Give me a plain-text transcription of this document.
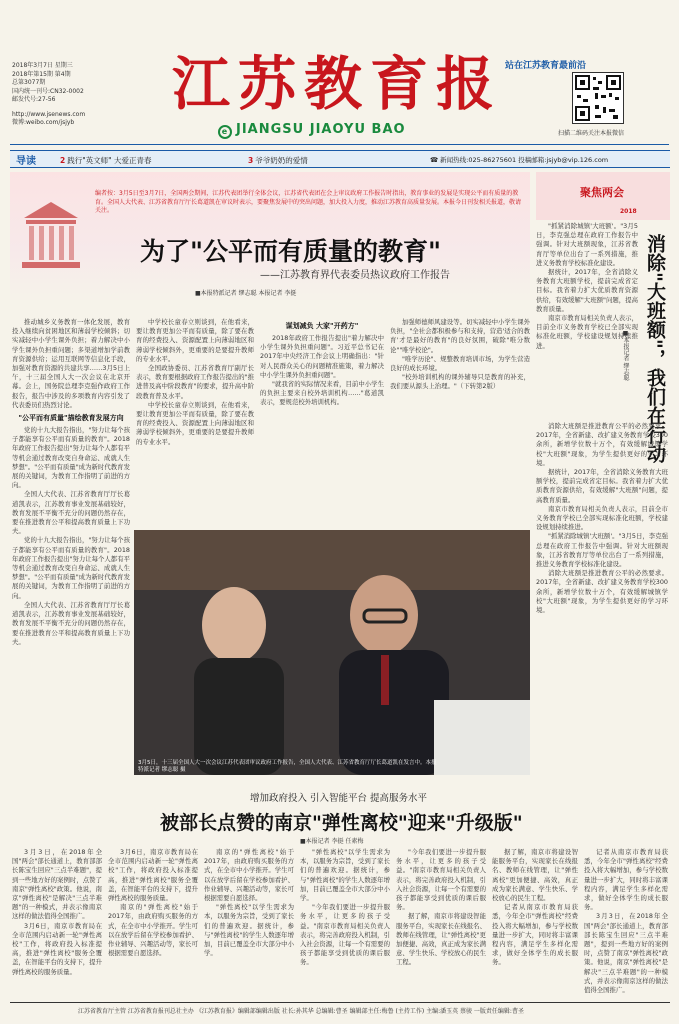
2018年3月7日 星期三
2018年第15期 第4期
总第3077期
国内统一刊号:CN32-0002
邮发代号:27-56
http://www.jsenews.com
微博:weibo.com/jsjyb
江苏教育报
e JIANGSU JIAOYU BAO
站在江苏教育最前沿
扫描二维码关注本报微信
导读	2 践行"英文师" 大爱正青春	3 爷爷奶奶的爱情	☎ 新闻热线:025-86275601 投稿邮箱:jsjyb@vip.126.com
编者按：3月5日至3月7日，全国两会期间，江苏代表团举行全体会议，江苏省代表团在会上审议政府工作报告时指出，教育事业的发展是实现公平而有质量的教育。全国人大代表、江苏省教育厅厅长葛道凯在审议时表示，要聚焦发展中的突出问题，加大投入力度，推动江苏教育高质量发展。本报今日刊发相关报道，敬请关注。
为了"公平而有质量的教育"
——江苏教育界代表委员热议政府工作报告
■本报特派记者 缪志聪 本报记者 李挺
聚焦两会
2018
消除"大班额"，我们在行动
■本报记者 缪志聪

"抓紧消除城镇'大班额'。"3月5日，李克强总理在政府工作报告中强调。针对大班额现象，江苏省教育厅等单位出台了一系列措施，推进义务教育学校标准化建设。

据统计，2017年，全省消除义务教育大班额学校，提前完成省定目标。我省着力扩大优质教育资源供给，有效缓解"大班额"问题，提高教育质量。

南京市教育局相关负责人表示，目前全市义务教育学校已全部实现标准化班额，学校建设规划持续推进。

消除大班额是推进教育公平的必然要求。2017年，全省新建、改扩建义务教育学校300余所，新增学位数十万个，有效缓解城镇学校"大班额"现象，为学生提供更好的学习环境。

据统计，2017年，全省消除义务教育大班额学校，提前完成省定目标。我省着力扩大优质教育资源供给，有效缓解"大班额"问题，提高教育质量。

南京市教育局相关负责人表示，目前全市义务教育学校已全部实现标准化班额，学校建设规划持续推进。

"抓紧消除城镇'大班额'。"3月5日，李克强总理在政府工作报告中强调。针对大班额现象，江苏省教育厅等单位出台了一系列措施，推进义务教育学校标准化建设。

消除大班额是推进教育公平的必然要求。2017年，全省新建、改扩建义务教育学校300余所，新增学位数十万个，有效缓解城镇学校"大班额"现象，为学生提供更好的学习环境。

推动城乡义务教育一体化发展，教育投入继续向贫困地区和薄弱学校倾斜；切实减轻中小学生课外负担；着力解决中小学生课外负担重问题；多渠道增加学前教育资源供给；运用互联网等信息化手段，加强对教育资源的共建共享……3月5日上午，十三届全国人大一次会议在北京开幕。会上，国务院总理李克强作政府工作报告，报告中涉及的多项教育内容引发了代表委员们热烈讨论。

"公平而有质量"描绘教育发展方向

党的十九大报告指出，"努力让每个孩子都能享有公平而有质量的教育"。2018年政府工作报告提出"努力让每个人都有平等机会通过教育改变自身命运、成就人生梦想"。"公平而有质量"成为新时代教育发展的关键词，为教育工作指明了前进的方向。

全国人大代表、江苏省教育厅厅长葛道凯表示，江苏教育事业发展基础较好，教育发展不平衡不充分的问题仍然存在，要在推进教育公平和提高教育质量上下功夫。

党的十九大报告指出，"努力让每个孩子都能享有公平而有质量的教育"。2018年政府工作报告提出"努力让每个人都有平等机会通过教育改变自身命运、成就人生梦想"。"公平而有质量"成为新时代教育发展的关键词，为教育工作指明了前进的方向。

全国人大代表、江苏省教育厅厅长葛道凯表示，江苏教育事业发展基础较好，教育发展不平衡不充分的问题仍然存在，要在推进教育公平和提高教育质量上下功夫。

中学校长童春立则谈到，在他看来，要让教育更加公平而有质量，除了要在教育的经费投入、资源配置上向薄弱地区和薄弱学校倾斜外，更重要的是要提升教师的专业水平。

全国政协委员、江苏省教育厅副厅长表示，教育要根据政府工作报告提出的"推进普及高中阶段教育"的要求，提升高中阶段教育普及水平。

中学校长童春立则谈到，在他看来，要让教育更加公平而有质量，除了要在教育的经费投入、资源配置上向薄弱地区和薄弱学校倾斜外，更重要的是要提升教师的专业水平。

谋划减负 大家"开药方"

2018年政府工作报告提出"着力解决中小学生课外负担重问题"。习近平总书记在2017年中央经济工作会议上明确指出："针对人民群众关心的问题精准施策，着力解决中小学生课外负担重问题"。

"就我省的实际情况来看，目前中小学生的负担主要来自校外培训机构……"葛道凯表示，要规范校外培训机构。

加强师德师风建设等。切实减轻中小学生课外负担，"全社会都积极参与和支持，营造'适合的教育'才是最好的教育"的良好氛围，破除"唯分数论""唯学校论"。

"唯学历论"、规整教育培训市场，为学生营造良好的成长环境。

"校外培训机构的课外辅导只是教育的补充，我们要从源头上治理。"（下转第2版）

3月5日，十三届全国人大一次会议江苏代表团审议政府工作报告，全国人大代表、江苏省教育厅厅长葛道凯在发言中。本报特派记者 缪志聪 摄
增加政府投入 引入智能平台 提高服务水平
被部长点赞的南京"弹性离校"迎来"升级版"
■本报记者 李挺 任素梅

3月3日，在2018年全国"两会"部长通道上，教育部部长陈宝生回应"三点半难题"，提到一些地方好的案例时，点赞了南京"弹性离校"政策。他说，南京"弹性离校"是解决"三点半难题"的一种模式，并表示像南京这样的做法值得全国推广。

3月6日，南京市教育局在全市范围内启动新一轮"弹性离校"工作，将政府投入标准提高，推进"弹性离校"服务全覆盖，在智能平台的支持下，提升弹性离校的服务质量。

3月6日，南京市教育局在全市范围内启动新一轮"弹性离校"工作，将政府投入标准提高，推进"弹性离校"服务全覆盖，在智能平台的支持下，提升弹性离校的服务质量。

南京的"弹性离校"始于2017年，由政府购买服务的方式，在全市中小学推开。学生可以在放学后留在学校参加看护、作业辅导、兴趣活动等，家长可根据需要自愿选择。

南京的"弹性离校"始于2017年，由政府购买服务的方式，在全市中小学推开。学生可以在放学后留在学校参加看护、作业辅导、兴趣活动等，家长可根据需要自愿选择。

"弹性离校"以学生需求为本，以服务为宗旨，受到了家长们的普遍欢迎。据统计，参与"弹性离校"的学生人数逐年增加，目前已覆盖全市大部分中小学。

"弹性离校"以学生需求为本，以服务为宗旨，受到了家长们的普遍欢迎。据统计，参与"弹性离校"的学生人数逐年增加，目前已覆盖全市大部分中小学。

"今年我们要进一步提升服务水平，让更多的孩子受益。"南京市教育局相关负责人表示，将完善政府投入机制，引入社会资源，让每一个有需要的孩子都能享受到优质的课后服务。

"今年我们要进一步提升服务水平，让更多的孩子受益。"南京市教育局相关负责人表示，将完善政府投入机制，引入社会资源，让每一个有需要的孩子都能享受到优质的课后服务。

据了解，南京市将建设智能服务平台，实现家长在线报名、教师在线管理，让"弹性离校"更加便捷、高效，真正成为家长满意、学生快乐、学校放心的民生工程。

据了解，南京市将建设智能服务平台，实现家长在线报名、教师在线管理，让"弹性离校"更加便捷、高效，真正成为家长满意、学生快乐、学校放心的民生工程。

记者从南京市教育局获悉，今年全市"弹性离校"经费投入将大幅增加，参与学校数量进一步扩大，同时将丰富课程内容，满足学生多样化需求，做好全体学生的成长服务。

记者从南京市教育局获悉，今年全市"弹性离校"经费投入将大幅增加，参与学校数量进一步扩大，同时将丰富课程内容，满足学生多样化需求，做好全体学生的成长服务。

3月3日，在2018年全国"两会"部长通道上，教育部部长陈宝生回应"三点半难题"，提到一些地方好的案例时，点赞了南京"弹性离校"政策。他说，南京"弹性离校"是解决"三点半难题"的一种模式，并表示像南京这样的做法值得全国推广。

江苏省教育厅主管 江苏省教育报刊总社主办 《江苏教育报》编辑部编辑出版 社长:孙其华 总编辑:曹圣 编辑部主任:梅鲁 (主持工作) 主编:潘玉英 蔡骏 一版责任编辑:曹圣
